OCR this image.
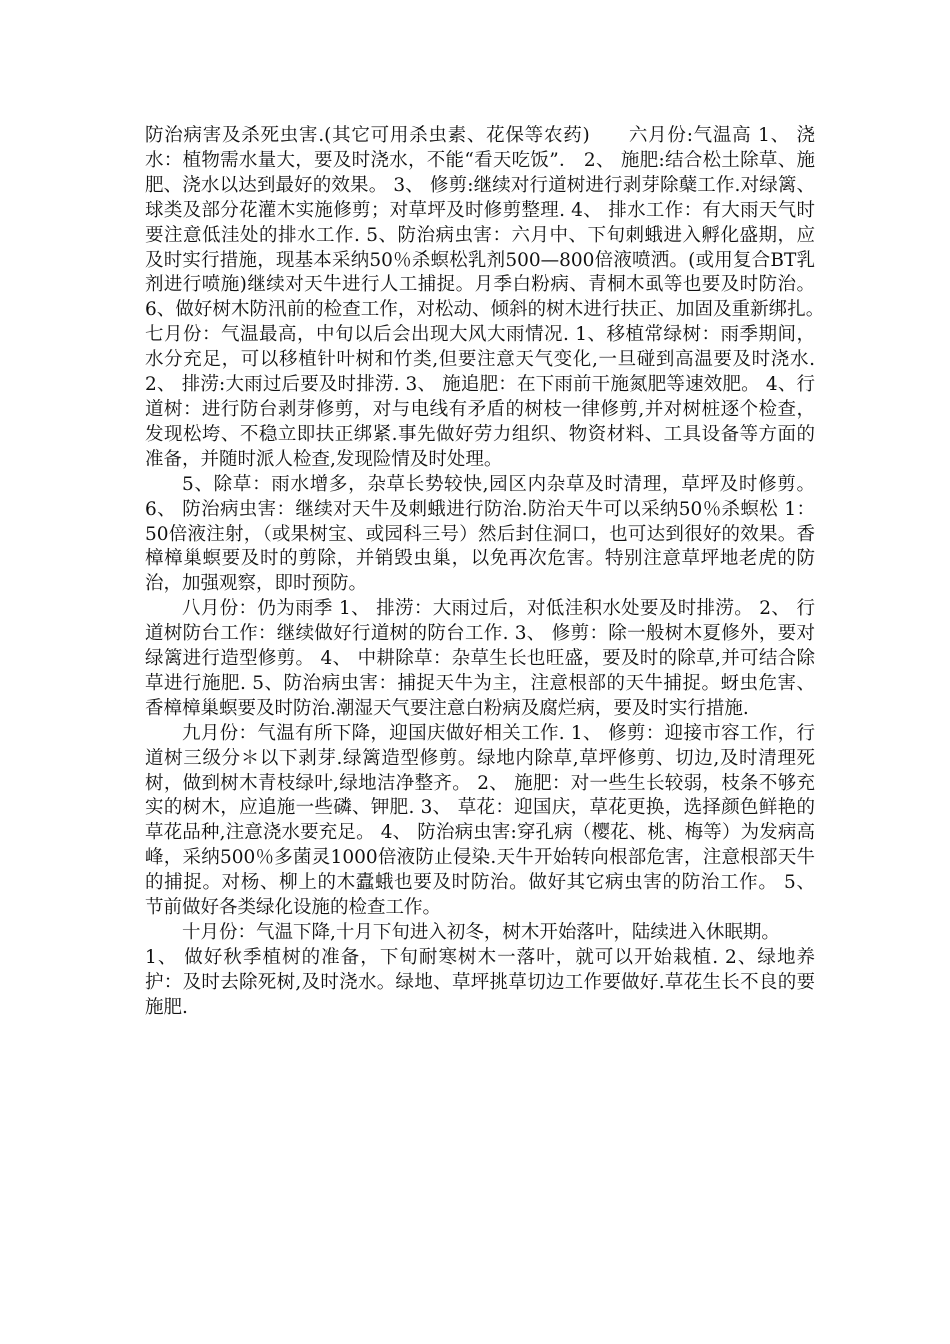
防治病害及杀死虫害.(其它可用杀虫素、花保等农药)　　六月份:气温高 1、 浇水：植物需水量大，要及时浇水，不能“看天吃饭”． 2、 施肥:结合松土除草、施肥、浇水以达到最好的效果。 3、 修剪:继续对行道树进行剥芽除蘖工作.对绿篱、球类及部分花灌木实施修剪；对草坪及时修剪整理. 4、 排水工作：有大雨天气时要注意低洼处的排水工作. 5、防治病虫害：六月中、下旬刺蛾进入孵化盛期，应及时实行措施，现基本采纳50％杀螟松乳剂500—800倍液喷洒。(或用复合BT乳剂进行喷施)继续对天牛进行人工捕捉。月季白粉病、青桐木虱等也要及时防治。 6、做好树木防汛前的检查工作，对松动、倾斜的树木进行扶正、加固及重新绑扎。　　七月份：气温最高，中旬以后会出现大风大雨情况. 1、移植常绿树：雨季期间，水分充足，可以移植针叶树和竹类,但要注意天气变化,一旦碰到高温要及时浇水. 2、 排涝:大雨过后要及时排涝. 3、 施追肥：在下雨前干施氮肥等速效肥。 4、行道树：进行防台剥芽修剪，对与电线有矛盾的树枝一律修剪,并对树桩逐个检查，发现松垮、不稳立即扶正绑紧.事先做好劳力组织、物资材料、工具设备等方面的准备，并随时派人检查,发现险情及时处理。

5、除草：雨水增多，杂草长势较快,园区内杂草及时清理，草坪及时修剪。6、 防治病虫害：继续对天牛及刺蛾进行防治.防治天牛可以采纳50％杀螟松 1：50倍液注射，（或果树宝、或园科三号）然后封住洞口，也可达到很好的效果。香樟樟巢螟要及时的剪除，并销毁虫巢，以免再次危害。特别注意草坪地老虎的防治，加强观察，即时预防。

八月份：仍为雨季 1、 排涝：大雨过后，对低洼积水处要及时排涝。 2、 行道树防台工作：继续做好行道树的防台工作. 3、 修剪：除一般树木夏修外，要对绿篱进行造型修剪。 4、 中耕除草：杂草生长也旺盛，要及时的除草,并可结合除草进行施肥. 5、防治病虫害：捕捉天牛为主，注意根部的天牛捕捉。蚜虫危害、香樟樟巢螟要及时防治.潮湿天气要注意白粉病及腐烂病，要及时实行措施.

九月份：气温有所下降，迎国庆做好相关工作. 1、 修剪：迎接市容工作，行道树三级分＊以下剥芽.绿篱造型修剪。绿地内除草,草坪修剪、切边,及时清理死树，做到树木青枝绿叶,绿地洁净整齐。 2、 施肥：对一些生长较弱，枝条不够充实的树木，应追施一些磷、钾肥. 3、 草花：迎国庆，草花更换，选择颜色鲜艳的草花品种,注意浇水要充足。 4、 防治病虫害:穿孔病（樱花、桃、梅等）为发病高峰，采纳500％多菌灵1000倍液防止侵染.天牛开始转向根部危害，注意根部天牛的捕捉。对杨、柳上的木蠹蛾也要及时防治。做好其它病虫害的防治工作。 5、 节前做好各类绿化设施的检查工作。

十月份：气温下降,十月下旬进入初冬，树木开始落叶，陆续进入休眠期。

1、 做好秋季植树的准备，下旬耐寒树木一落叶，就可以开始栽植. 2、绿地养护：及时去除死树,及时浇水。绿地、草坪挑草切边工作要做好.草花生长不良的要施肥.
